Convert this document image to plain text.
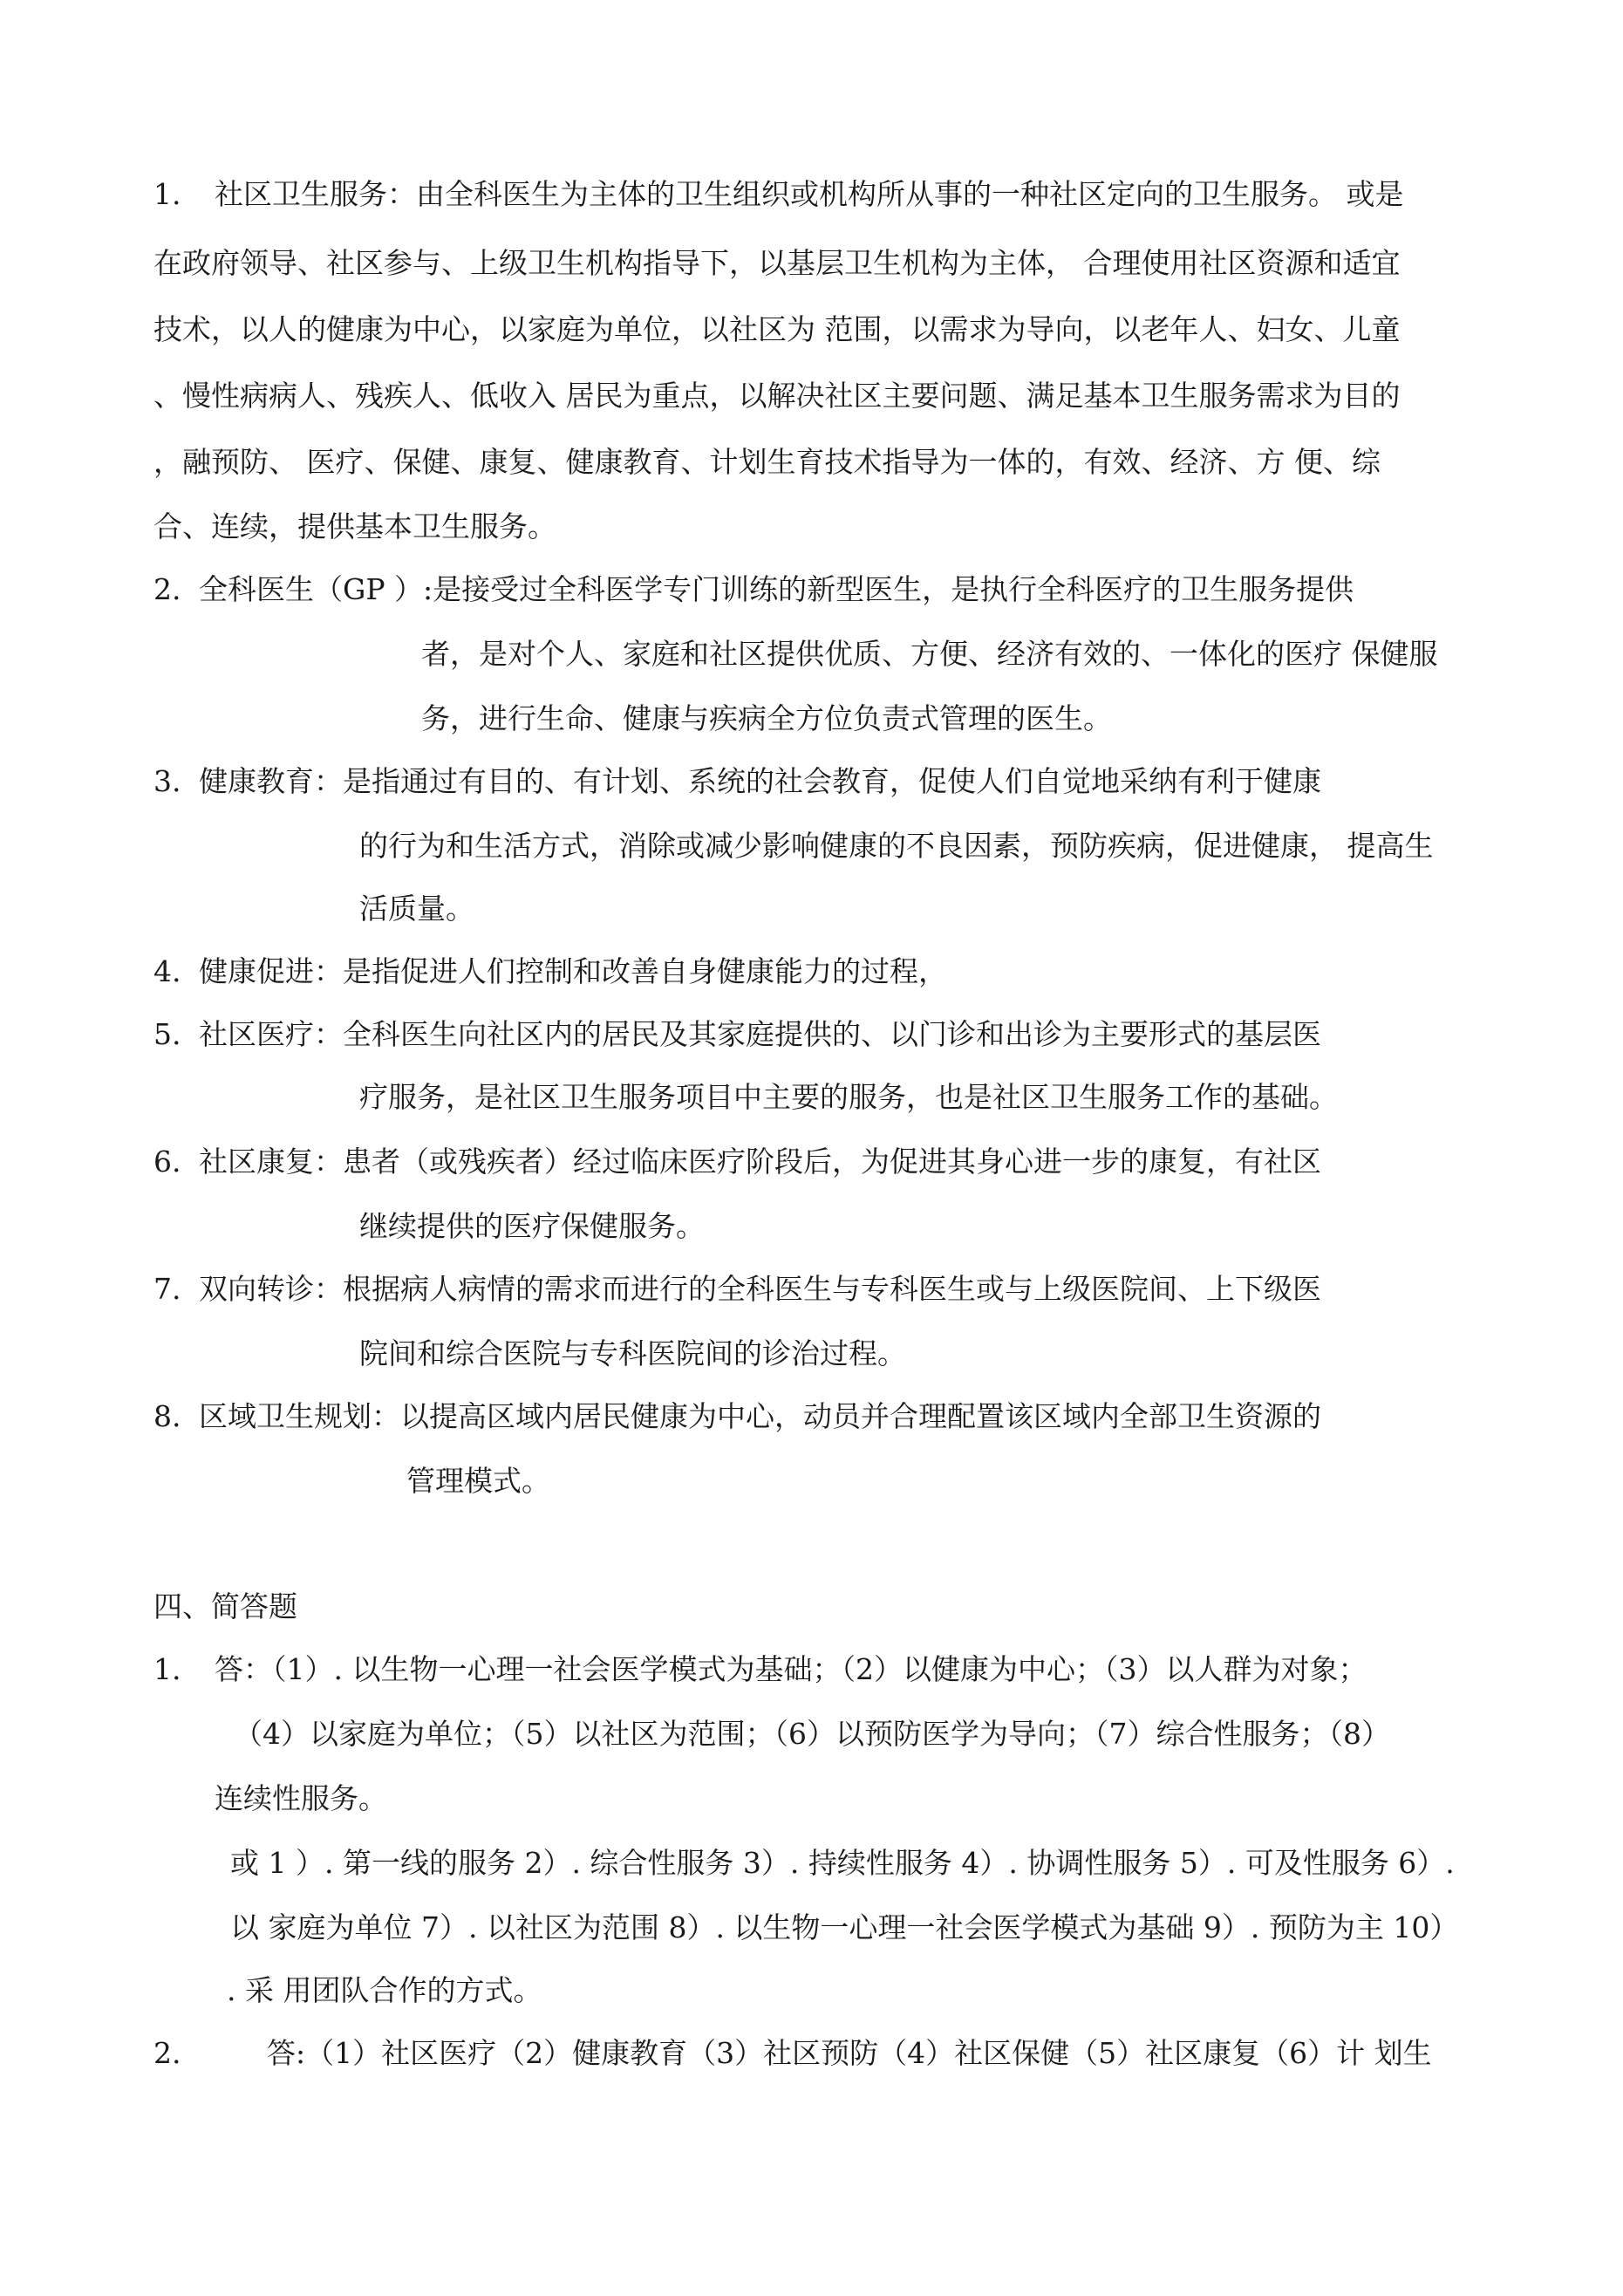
1. 社区卫生服务：由全科医生为主体的卫生组织或机构所从事的一种社区定向的卫生服务。 或是
在政府领导、社区参与、上级卫生机构指导下，以基层卫生机构为主体， 合理使用社区资源和适宜
技术，以人的健康为中心，以家庭为单位，以社区为 范围，以需求为导向，以老年人、妇女、儿童
、慢性病病人、残疾人、低收入 居民为重点，以解决社区主要问题、满足基本卫生服务需求为目的
，融预防、 医疗、保健、康复、健康教育、计划生育技术指导为一体的，有效、经济、方 便、综
合、连续，提供基本卫生服务。
2. 全科医生（GP ）:是接受过全科医学专门训练的新型医生，是执行全科医疗的卫生服务提供
者，是对个人、家庭和社区提供优质、方便、经济有效的、一体化的医疗 保健服
务，进行生命、健康与疾病全方位负责式管理的医生。
3. 健康教育：是指通过有目的、有计划、系统的社会教育，促使人们自觉地采纳有利于健康
的行为和生活方式，消除或减少影响健康的不良因素，预防疾病，促进健康， 提高生
活质量。
4. 健康促进：是指促进人们控制和改善自身健康能力的过程，
5. 社区医疗：全科医生向社区内的居民及其家庭提供的、以门诊和出诊为主要形式的基层医
疗服务，是社区卫生服务项目中主要的服务，也是社区卫生服务工作的基础。
6. 社区康复：患者（或残疾者）经过临床医疗阶段后，为促进其身心进一步的康复，有社区
继续提供的医疗保健服务。
7. 双向转诊：根据病人病情的需求而进行的全科医生与专科医生或与上级医院间、上下级医
院间和综合医院与专科医院间的诊治过程。
8. 区域卫生规划：以提高区域内居民健康为中心，动员并合理配置该区域内全部卫生资源的
管理模式。
四、简答题
1. 答：（1）. 以生物一心理一社会医学模式为基础；（2）以健康为中心；（3）以人群为对象；
（4）以家庭为单位；（5）以社区为范围；（6）以预防医学为导向；（7）综合性服务；（8）
连续性服务。
或 1 ）. 第一线的服务 2）. 综合性服务 3）. 持续性服务 4）. 协调性服务 5）. 可及性服务 6）.
以 家庭为单位 7）. 以社区为范围 8）. 以生物一心理一社会医学模式为基础 9）. 预防为主 10）
. 采 用团队合作的方式。
2.	答:（1）社区医疗（2）健康教育（3）社区预防（4）社区保健（5）社区康复（6）计 划生
